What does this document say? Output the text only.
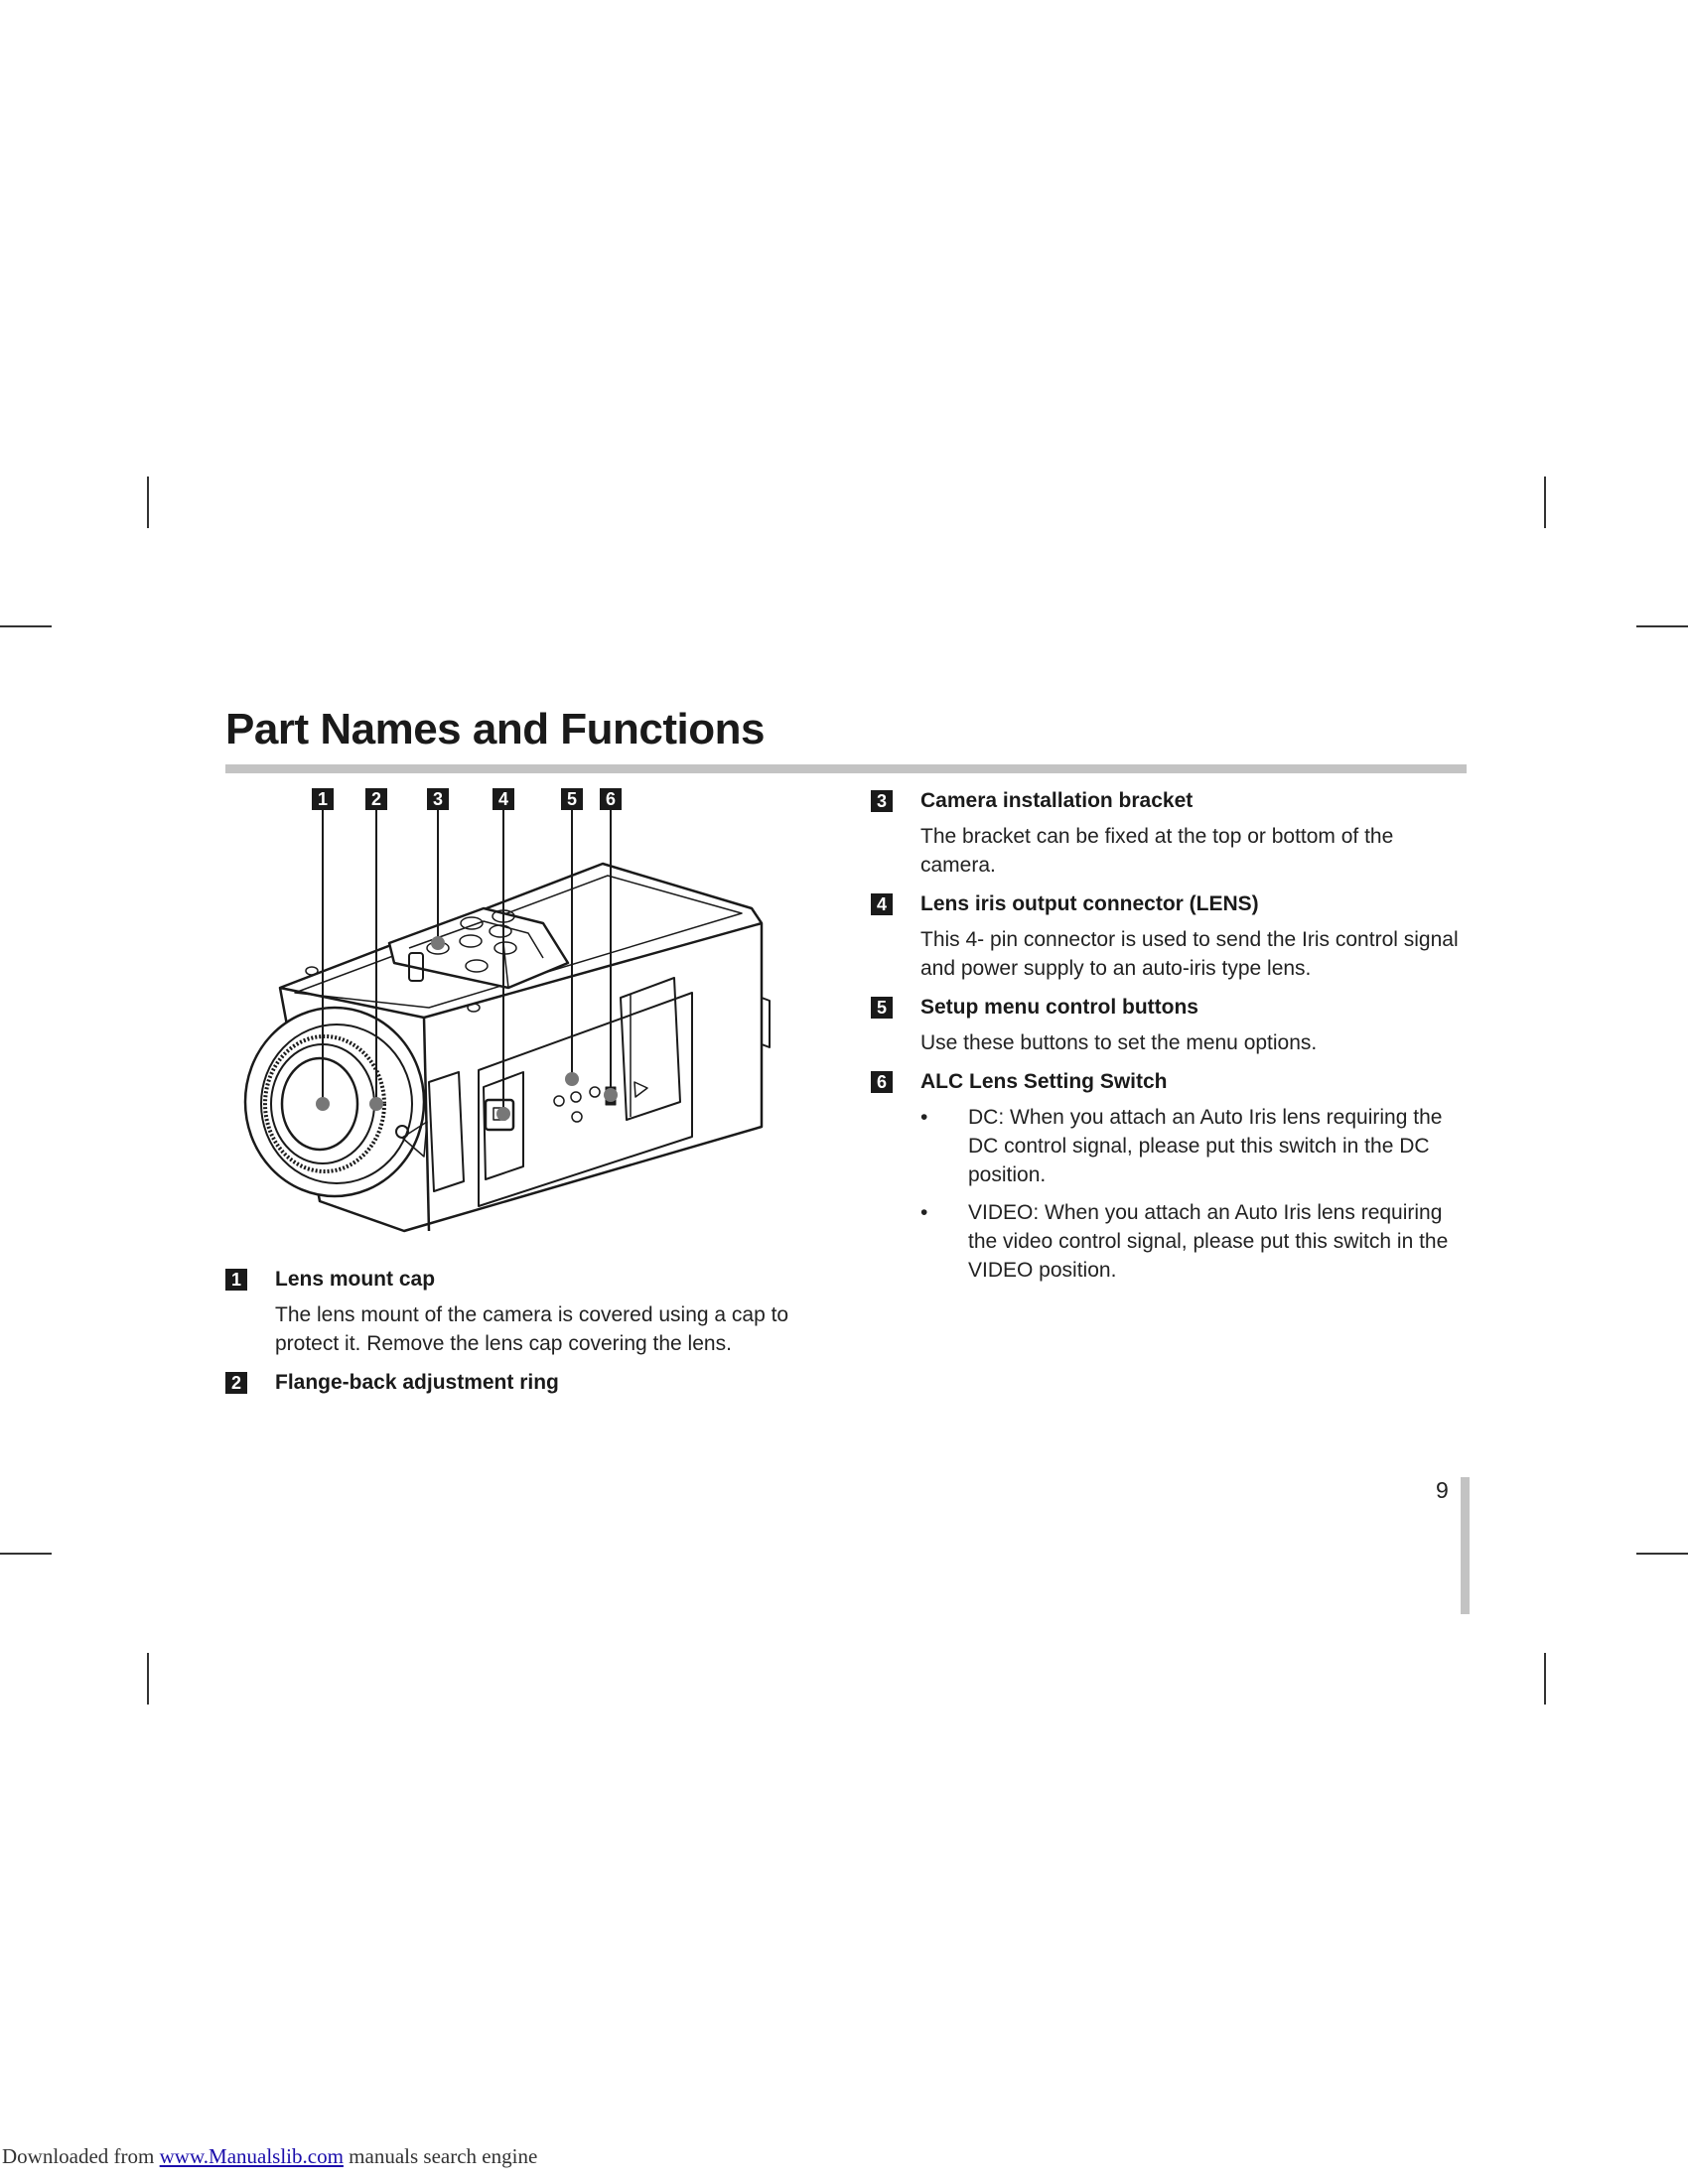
Part Names and Functions
1	2	3	4	5	6
1 Lens mount cap
The lens mount of the camera is covered using a cap to protect it. Remove the lens cap covering the lens.
2 Flange-back adjustment ring
3 Camera installation bracket
The bracket can be fixed at the top or bottom of the camera.
4 Lens iris output connector (LENS)
This 4- pin connector is used to send the Iris control signal and power supply to an auto-iris type lens.
5 Setup menu control buttons
Use these buttons to set the menu options.
6 ALC Lens Setting Switch
• DC: When you attach an Auto Iris lens requiring the DC control signal, please put this switch in the DC position.
• VIDEO: When you attach an Auto Iris lens requiring the video control signal, please put this switch in the VIDEO position.
9
Downloaded from www.Manualslib.com manuals search engine
